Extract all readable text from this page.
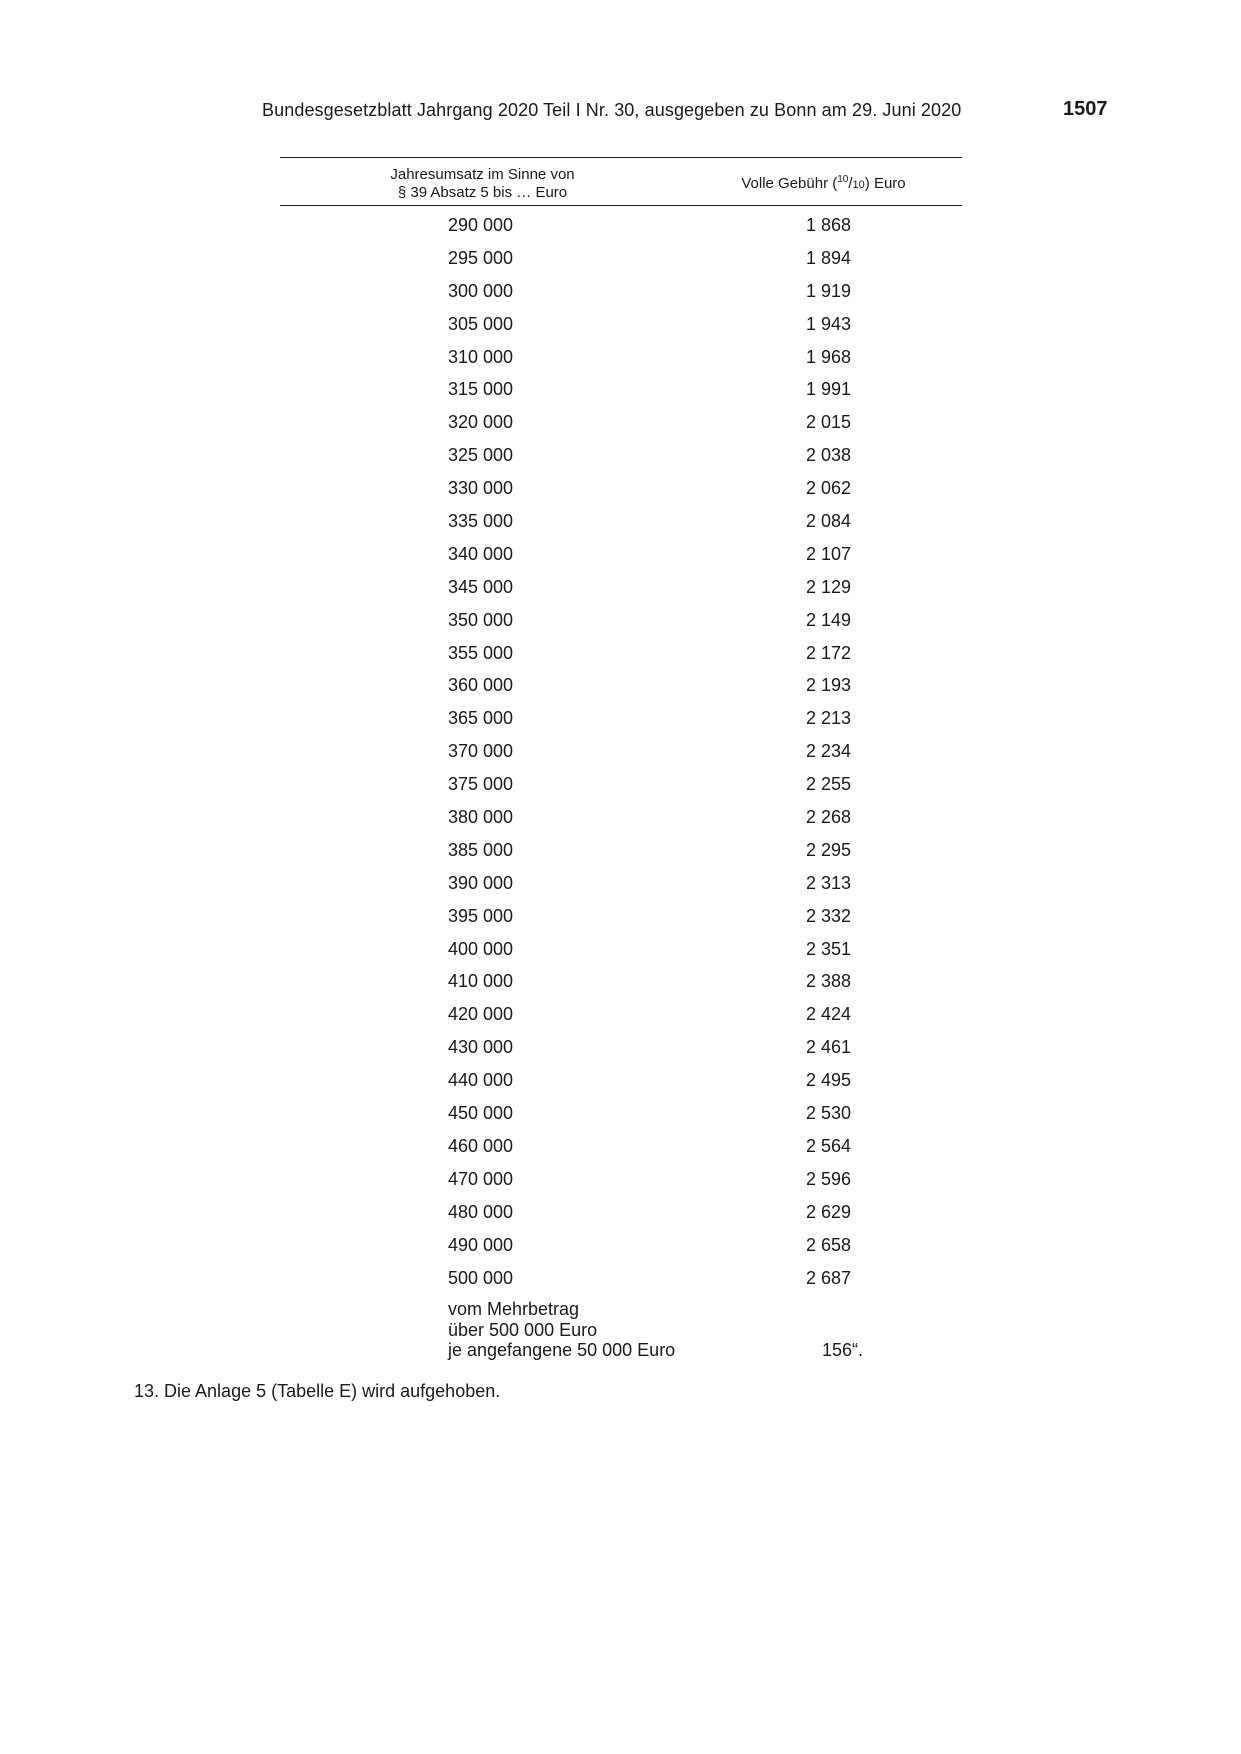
Bundesgesetzblatt Jahrgang 2020 Teil I Nr. 30, ausgegeben zu Bonn am 29. Juni 2020	1507
Jahresumsatz im Sinne von
§ 39 Absatz 5 bis … Euro
Volle Gebühr ($^{10}$/10) Euro
290 000	1 868
295 000	1 894
300 000	1 919
305 000	1 943
310 000	1 968
315 000	1 991
320 000	2 015
325 000	2 038
330 000	2 062
335 000	2 084
340 000	2 107
345 000	2 129
350 000	2 149
355 000	2 172
360 000	2 193
365 000	2 213
370 000	2 234
375 000	2 255
380 000	2 268
385 000	2 295
390 000	2 313
395 000	2 332
400 000	2 351
410 000	2 388
420 000	2 424
430 000	2 461
440 000	2 495
450 000	2 530
460 000	2 564
470 000	2 596
480 000	2 629
490 000	2 658
500 000	2 687
vom Mehrbetrag
über 500 000 Euro
je angefangene 50 000 Euro	156“.
13. Die Anlage 5 (Tabelle E) wird aufgehoben.
